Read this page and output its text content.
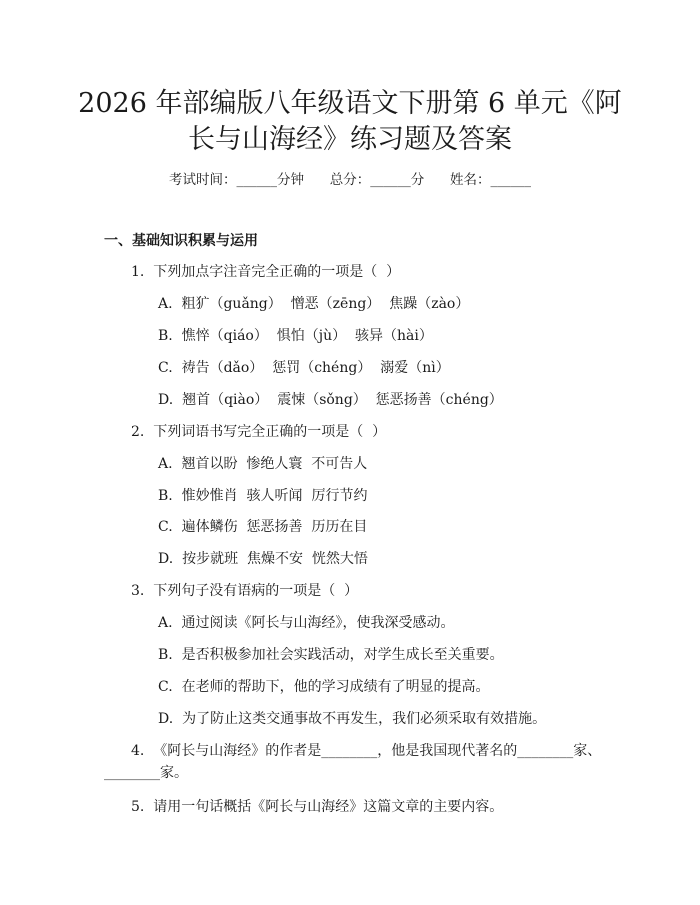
2026 年部编版八年级语文下册第 6 单元《阿
长与山海经》练习题及答案
考试时间：______分钟      总分：______分      姓名：______
一、基础知识积累与运用
1.  下列加点字注音完全正确的一项是（  ）
A.  粗犷（guǎng）  憎恶（zēng）  焦躁（zào）
B.  憔悴（qiáo）  惧怕（jù）  骇异（hài）
C.  祷告（dǎo）  惩罚（chéng）  溺爱（nì）
D.  翘首（qiào）  震悚（sǒng）  惩恶扬善（chéng）
2.  下列词语书写完全正确的一项是（  ）
A.  翘首以盼  惨绝人寰  不可告人
B.  惟妙惟肖  骇人听闻  厉行节约
C.  遍体鳞伤  惩恶扬善  历历在目
D.  按步就班  焦燥不安  恍然大悟
3.  下列句子没有语病的一项是（  ）
A.  通过阅读《阿长与山海经》，使我深受感动。
B.  是否积极参加社会实践活动，对学生成长至关重要。
C.  在老师的帮助下，他的学习成绩有了明显的提高。
D.  为了防止这类交通事故不再发生，我们必须采取有效措施。
4.  《阿长与山海经》的作者是________，他是我国现代著名的________家、
________家。
5.  请用一句话概括《阿长与山海经》这篇文章的主要内容。
